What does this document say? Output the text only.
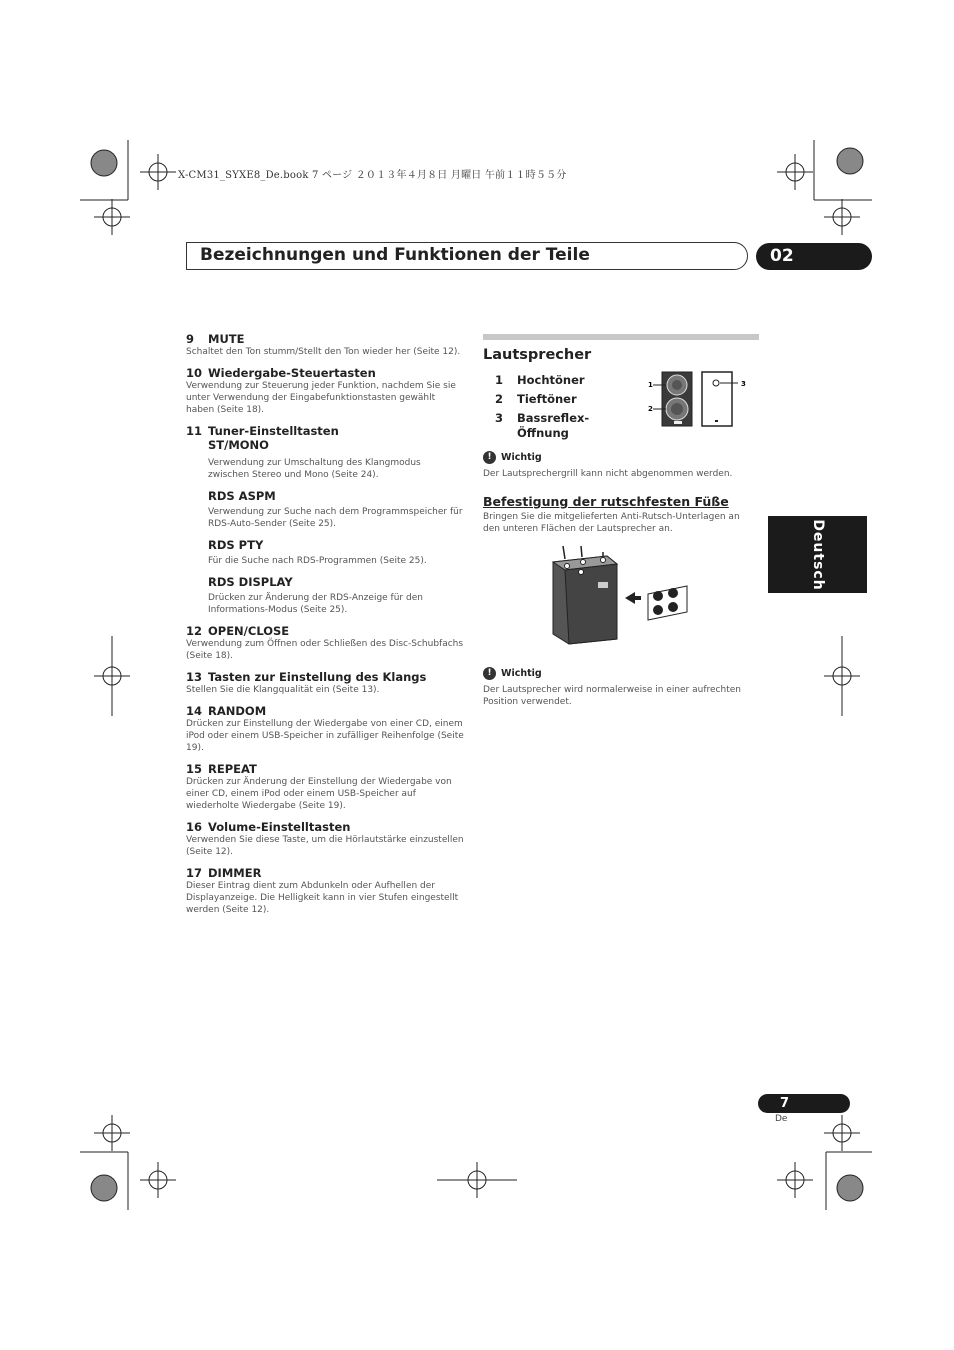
X-CM31_SYXE8_De.book 7 ページ ２０１３年４月８日 月曜日 午前１１時５５分
Bezeichnungen und Funktionen der Teile	02
Deutsch
9 MUTE
Schaltet den Ton stumm/Stellt den Ton wieder her (Seite 12).
10 Wiedergabe-Steuertasten
Verwendung zur Steuerung jeder Funktion, nachdem Sie sie unter Verwendung der Eingabefunktionstasten gewählt haben (Seite 18).
11 Tuner-Einstelltasten
ST/MONO
Verwendung zur Umschaltung des Klangmodus zwischen Stereo und Mono (Seite 24).
RDS ASPM
Verwendung zur Suche nach dem Programmspeicher für RDS-Auto-Sender (Seite 25).
RDS PTY
Für die Suche nach RDS-Programmen (Seite 25).
RDS DISPLAY
Drücken zur Änderung der RDS-Anzeige für den Informations-Modus (Seite 25).
12 OPEN/CLOSE
Verwendung zum Öffnen oder Schließen des Disc-Schubfachs (Seite 18).
13 Tasten zur Einstellung des Klangs
Stellen Sie die Klangqualität ein (Seite 13).
14 RANDOM
Drücken zur Einstellung der Wiedergabe von einer CD, einem iPod oder einem USB-Speicher in zufälliger Reihenfolge (Seite 19).
15 REPEAT
Drücken zur Änderung der Einstellung der Wiedergabe von einer CD, einem iPod oder einem USB-Speicher auf wiederholte Wiedergabe (Seite 19).
16 Volume-Einstelltasten
Verwenden Sie diese Taste, um die Hörlautstärke einzustellen (Seite 12).
17 DIMMER
Dieser Eintrag dient zum Abdunkeln oder Aufhellen der Displayanzeige. Die Helligkeit kann in vier Stufen eingestellt werden (Seite 12).
Lautsprecher
1	Hochtöner
2	Tieftöner
3	Bassreflex-Öffnung
! Wichtig
Der Lautsprechergrill kann nicht abgenommen werden.
Befestigung der rutschfesten Füße
Bringen Sie die mitgelieferten Anti-Rutsch-Unterlagen an den unteren Flächen der Lautsprecher an.
! Wichtig
Der Lautsprecher wird normalerweise in einer aufrechten Position verwendet.
1
2
3
7
De
